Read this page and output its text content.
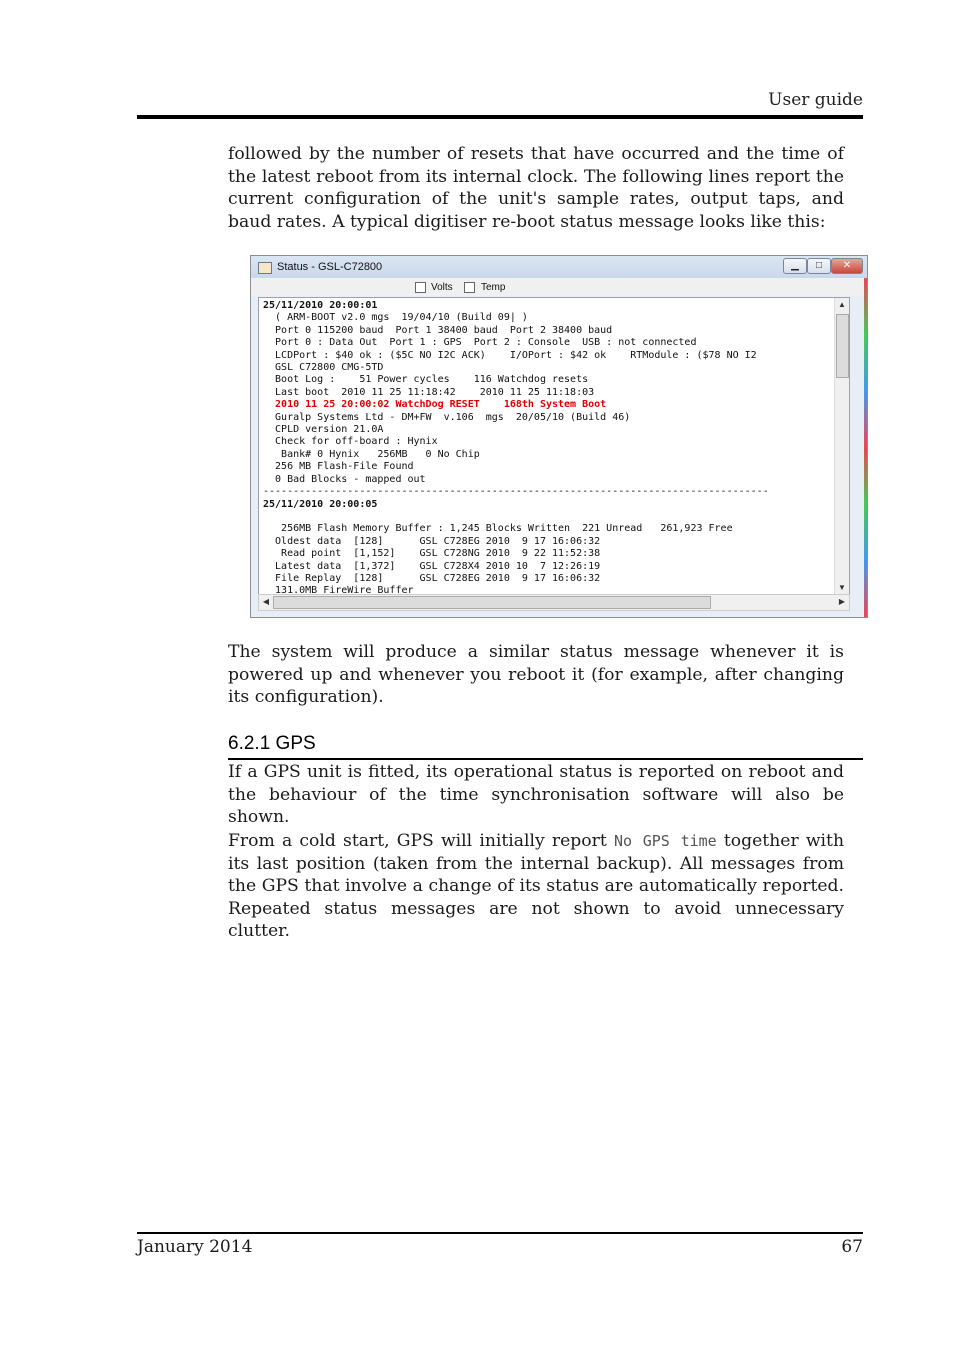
User guide
followed by the number of resets that have occurred and the time of the latest reboot from its internal clock. The following lines report the current configuration of the unit's sample rates, output taps, and baud rates. A typical digitiser re-boot status message looks like this:
Status - GSL-C72800	▁	□	✕
Volts	Temp
25/11/2010 20:00:01
( ARM-BOOT v2.0 mgs  19/04/10 (Build 09| )
Port 0 115200 baud  Port 1 38400 baud  Port 2 38400 baud
Port 0 : Data Out  Port 1 : GPS  Port 2 : Console  USB : not connected
LCDPort : $40 ok : ($5C NO I2C ACK)    I/OPort : $42 ok    RTModule : ($78 NO I2
GSL C72800 CMG-5TD
Boot Log :    51 Power cycles    116 Watchdog resets
Last boot  2010 11 25 11:18:42    2010 11 25 11:18:03
2010 11 25 20:00:02 WatchDog RESET    168th System Boot
Guralp Systems Ltd - DM+FW  v.106  mgs  20/05/10 (Build 46)
CPLD version 21.0A
Check for off-board : Hynix
Bank# 0 Hynix   256MB   0 No Chip
256 MB Flash-File Found
0 Bad Blocks - mapped out
------------------------------------------------------------------------------------
25/11/2010 20:00:05

256MB Flash Memory Buffer : 1,245 Blocks Written  221 Unread   261,923 Free
Oldest data  [128]      GSL C728EG 2010  9 17 16:06:32
Read point  [1,152]    GSL C728NG 2010  9 22 11:52:38
Latest data  [1,372]    GSL C728X4 2010 10  7 12:26:19
File Replay  [128]      GSL C728EG 2010  9 17 16:06:32
131.0MB FireWire Buffer
▲
▼
◀	▶
The system will produce a similar status message whenever it is powered up and whenever you reboot it (for example, after changing its configuration).
6.2.1 GPS
If a GPS unit is fitted, its operational status is reported on reboot and the behaviour of the time synchronisation software will also be shown.
From a cold start, GPS will initially report No GPS time together with its last position (taken from the internal backup). All messages from the GPS that involve a change of its status are automatically reported. Repeated status messages are not shown to avoid unnecessary clutter.
January 2014	67
